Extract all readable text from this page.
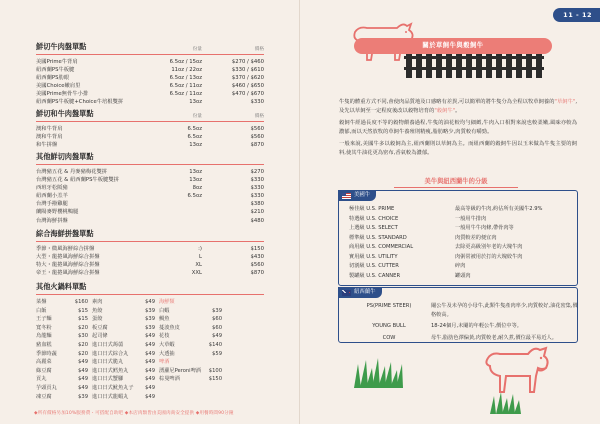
11 - 12
鮮切牛肉盤單點	份量	價格
美國Prime牛背肩	6.5oz / 15oz	$270 / $460
紐西蘭PS牛板腱	11oz / 22oz	$330 / $610
紐西蘭PS肋眼	6.5oz / 13oz	$370 / $620
美國Choice嫩肩里	6.5oz / 11oz	$460 / $650
美國Prime無骨牛小排	6.5oz / 11oz	$470 / $670
紐西蘭PS牛板腱+Choice牛培根雙拼	13oz	$330
鮮切和牛肉盤單點	份量	價格
澳和牛背肩	6.5oz	$560
澳和牛背肩	6.5oz	$560
和牛拼盤	13oz	$870
其他鮮切肉盤單點
台灣豬五花 & 丹麥豬梅花雙拼	13oz	$270
台灣豬五花 & 紐西蘭PS牛板腱雙拼	13oz	$330
西班牙松阪豬	8oz	$330
紐西蘭小羔羊	6.5oz	$330
台灣手撥雞腿	$380
蘭陽麥野櫻桃鴨腿	$210
台灣海鮮拼盤	$480
綜合海鮮拼盤單點
季節・微風海鮮綜合拼盤	:)	$150
大型・龍捲風海鮮綜合拼盤	L	$430
特大・龍捲風海鮮綜合拼盤	XL	$560
帝王・龍捲風海鮮綜合拼盤	XXL	$870
其他火鍋料單點
菜盤	$160
白飯	$15
王子麵	$15
寬冬粉	$20
烏龍麵	$30
豬血糕	$20
季節時蔬	$20
高麗菜	$49
綠豆腐	$49
貢丸	$49
芋頭貢丸	$49
凍豆腐	$39
素肉	$49
魚餃	$39
蛋餃	$39
板豆腐	$39
起司條	$49
進口日式蒟蒻	$49
進口日式綜合丸	$49
進口日式脆丸	$49
進口日式鱈魚丸	$49
進口日式蟹腳	$49
進口日式魷魚丸子	$49
進口日式龍蝦丸	$49
海鮮類
白蝦	$39
鯛魚	$60
蔓波魚皮	$60
花枝	$49
大草蝦	$140
大透抽	$59
啤酒
湧蘿尼Peroni啤酒	$100
棕曼啤酒	$150
◆所有價格另加10%服務費・可搭配自助吧 ◆本店肉類皆由美國肉商安全提供 ◆用餐時間90分鐘
關於草飼牛與穀飼牛

牛隻的體重方式不同,會使肉品質地及口感略有差異,可以簡單的將牛隻分為全程以牧草飼養的"草飼牛",及先以草飼至一定程度後改以穀物培育的"穀飼牛"。

穀飼牛經過長度不等的穀物餵養過程,牛隻的油花較均勻細緻,牛肉入口相對來說也較柔嫩,風味亦較為濃郁,而以天然放牧的草飼牛養殖則精瘦,脂肪略少,肉質較有嚼勁。

一般來說,美國牛多以穀飼為主,紐西蘭則以草飼為主。而紐西蘭的穀飼牛因以玉米做為牛隻主要的飼料,使其牛油花更為密布,香氣較為濃郁。

美牛與紐西蘭牛的分級
美國牛
極佳級 U.S. PRIME	最高等級的牛肉,約佔所有美國牛2.9%
特選級 U.S. CHOICE	一般用牛排肉
上選級 U.S. SELECT	一般用牛牛肉條,帶骨肉等
標準級 U.S. STANDARD	肉質較差的便宜肉
商用級 U.S. COMMERCIAL	去除更高級別年老的大塊牛肉
實用級 U.S. UTILITY	肉粥常被用於打的大塊絞牛肉
切割級 U.S. CUTTER	碎肉
製罐級 U.S. CANNER	罐頭肉
紐西蘭牛
PS(PRIME STEER)	閹公牛及未孕的小母牛,此類牛隻產肉率少,肉質較好,油花密集,價格較高。
YOUNG BULL	18-24個月,未閹的年輕公牛,價位中等。
COW	母牛,脂肪色澤偏黃,肉質較老,耐久煮,價位最平易近人。
